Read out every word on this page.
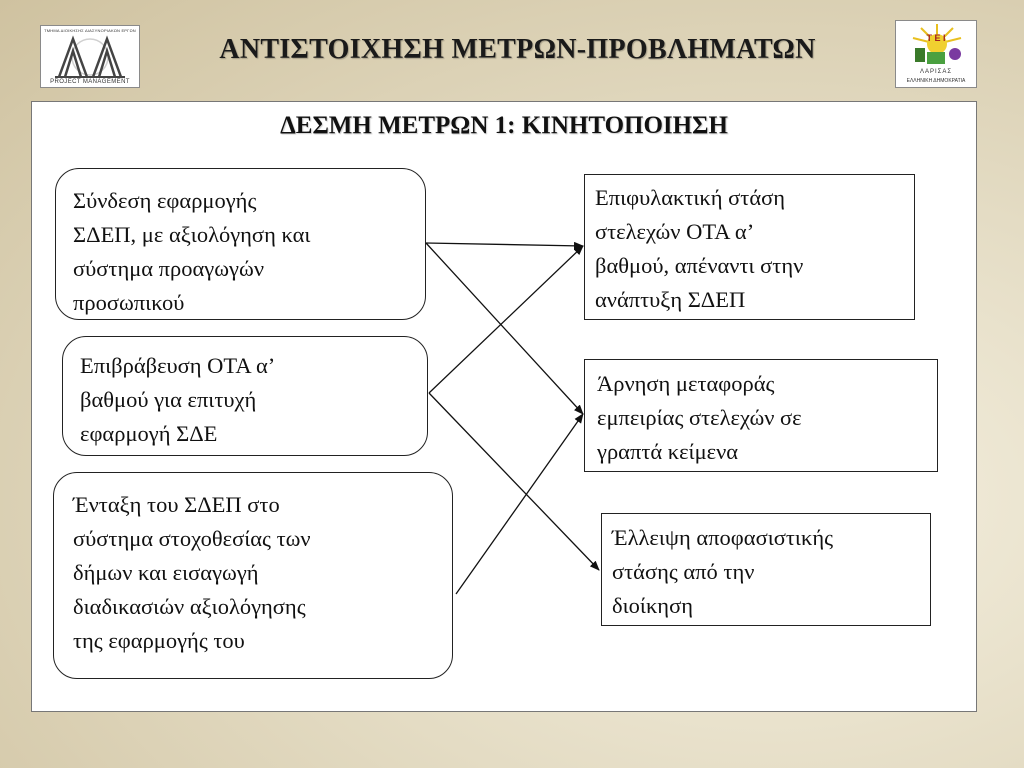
ΤΜΗΜΑ ΔΙΟΙΚΗΣΗΣ ΔΙΑΣΥΝΟΡΙΑΚΩΝ ΕΡΓΩΝ
PROJECT MANAGEMENT
ΑΝΤΙΣΤΟΙΧΗΣΗ ΜΕΤΡΩΝ-ΠΡΟΒΛΗΜΑΤΩΝ	Τ Ε Ι
ΛΑΡΙΣΑΣ
ΕΛΛΗΝΙΚΗ ΔΗΜΟΚΡΑΤΙΑ
ΔΕΣΜΗ ΜΕΤΡΩΝ 1: ΚΙΝΗΤΟΠΟΙΗΣΗ
Σύνδεση εφαρμογής
ΣΔΕΠ, με αξιολόγηση και
σύστημα προαγωγών
προσωπικού
Επιβράβευση ΟΤΑ α’
βαθμού για επιτυχή
εφαρμογή ΣΔΕ
Ένταξη του ΣΔΕΠ στο
σύστημα στοχοθεσίας των
δήμων και εισαγωγή
διαδικασιών αξιολόγησης
της εφαρμογής του
Επιφυλακτική στάση
στελεχών ΟΤΑ α’
βαθμού, απέναντι στην
ανάπτυξη ΣΔΕΠ
Άρνηση μεταφοράς
εμπειρίας στελεχών σε
γραπτά κείμενα
Έλλειψη αποφασιστικής
στάσης από την
διοίκηση
